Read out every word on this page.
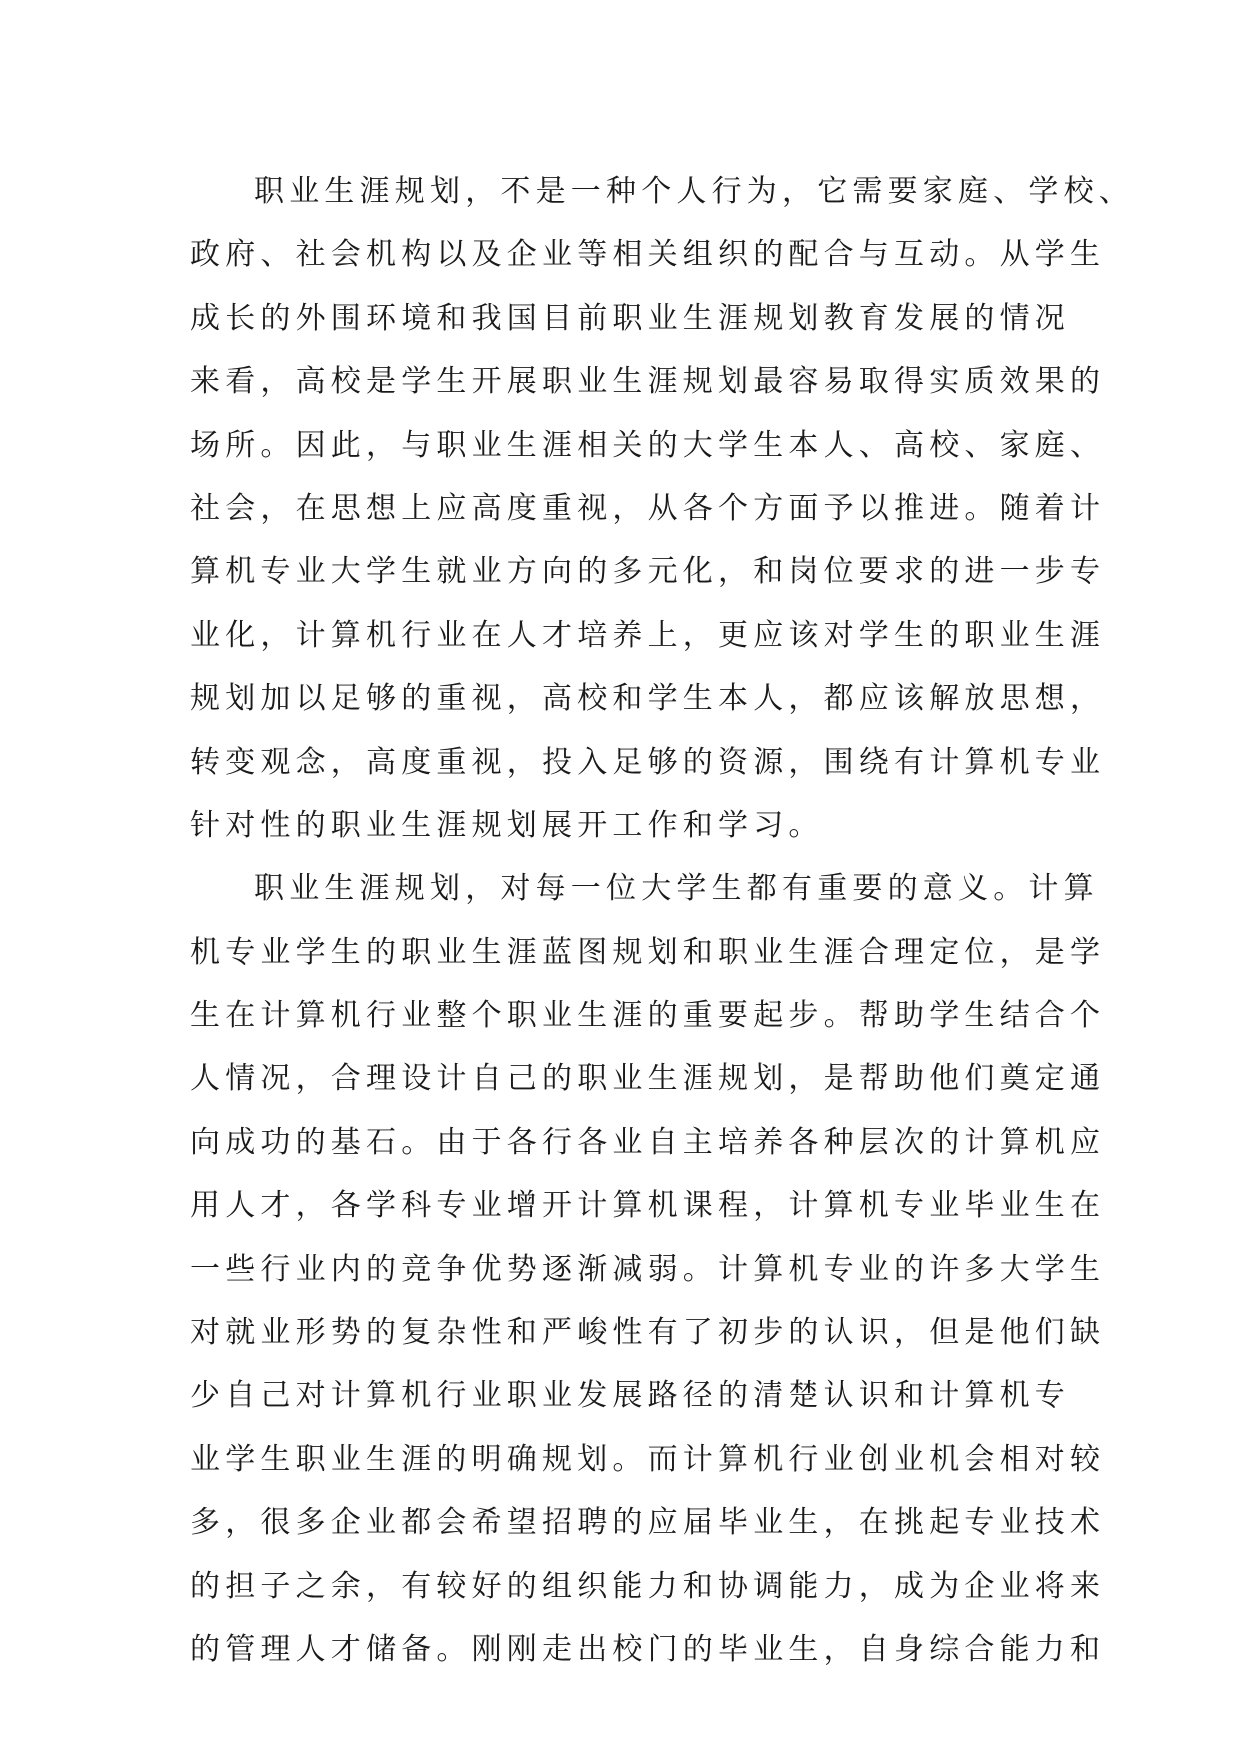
职业生涯规划，不是一种个人行为，它需要家庭、学校、
政府、社会机构以及企业等相关组织的配合与互动。从学生
成长的外围环境和我国目前职业生涯规划教育发展的情况
来看，高校是学生开展职业生涯规划最容易取得实质效果的
场所。因此，与职业生涯相关的大学生本人、高校、家庭、
社会，在思想上应高度重视，从各个方面予以推进。随着计
算机专业大学生就业方向的多元化，和岗位要求的进一步专
业化，计算机行业在人才培养上，更应该对学生的职业生涯
规划加以足够的重视，高校和学生本人，都应该解放思想，
转变观念，高度重视，投入足够的资源，围绕有计算机专业
针对性的职业生涯规划展开工作和学习。
职业生涯规划，对每一位大学生都有重要的意义。计算
机专业学生的职业生涯蓝图规划和职业生涯合理定位，是学
生在计算机行业整个职业生涯的重要起步。帮助学生结合个
人情况，合理设计自己的职业生涯规划，是帮助他们奠定通
向成功的基石。由于各行各业自主培养各种层次的计算机应
用人才，各学科专业增开计算机课程，计算机专业毕业生在
一些行业内的竞争优势逐渐减弱。计算机专业的许多大学生
对就业形势的复杂性和严峻性有了初步的认识，但是他们缺
少自己对计算机行业职业发展路径的清楚认识和计算机专
业学生职业生涯的明确规划。而计算机行业创业机会相对较
多，很多企业都会希望招聘的应届毕业生，在挑起专业技术
的担子之余，有较好的组织能力和协调能力，成为企业将来
的管理人才储备。刚刚走出校门的毕业生，自身综合能力和
